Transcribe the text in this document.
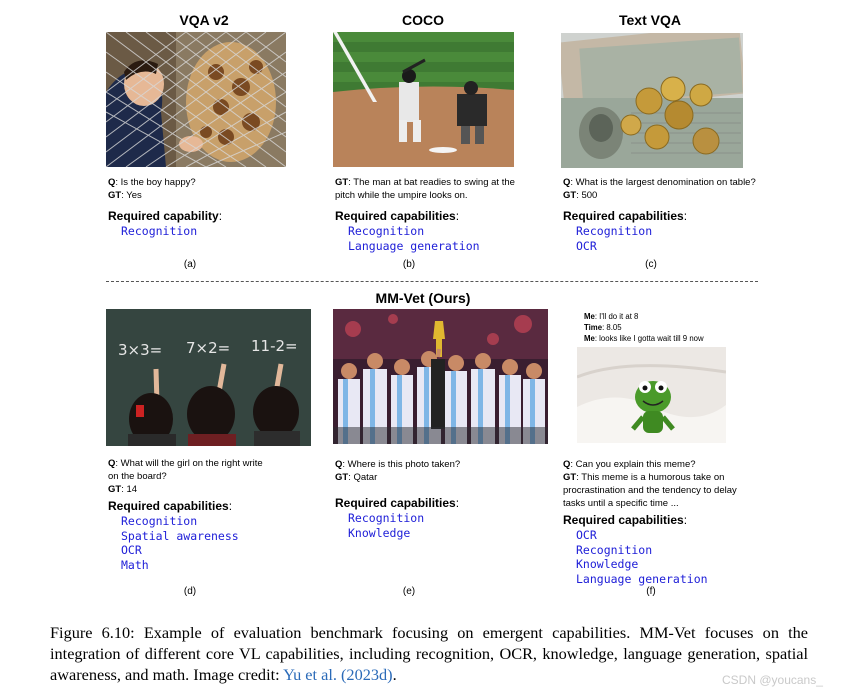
VQA v2	COCO	Text VQA
Q: Is the boy happy?
GT: Yes
GT: The man at bat readies to swing at the
pitch while the umpire looks on.
Q: What is the largest denomination on table?
GT: 500
Required capability:
Recognition
Required capabilities:
Recognition
Language generation
Required capabilities:
Recognition
OCR
(a)	(b)	(c)
MM-Vet (Ours)
3×3= 7×2= 11-2=
Me: I'll do it at 8
Time: 8.05
Me: looks like I gotta wait till 9 now
Q: What will the girl on the right write
on the board?
GT: 14
Q: Where is this photo taken?
GT: Qatar
Q: Can you explain this meme?
GT: This meme is a humorous take on
procrastination and the tendency to delay
tasks until a specific time ...
Required capabilities:
Recognition
Spatial awareness
OCR
Math
Required capabilities:
Recognition
Knowledge
Required capabilities:
OCR
Recognition
Knowledge
Language generation
(d)	(e)	(f)
Figure 6.10: Example of evaluation benchmark focusing on emergent capabilities. MM-Vet focuses on the integration of different core VL capabilities, including recognition, OCR, knowledge, language generation, spatial awareness, and math. Image credit: Yu et al. (2023d).	CSDN @youcans_
